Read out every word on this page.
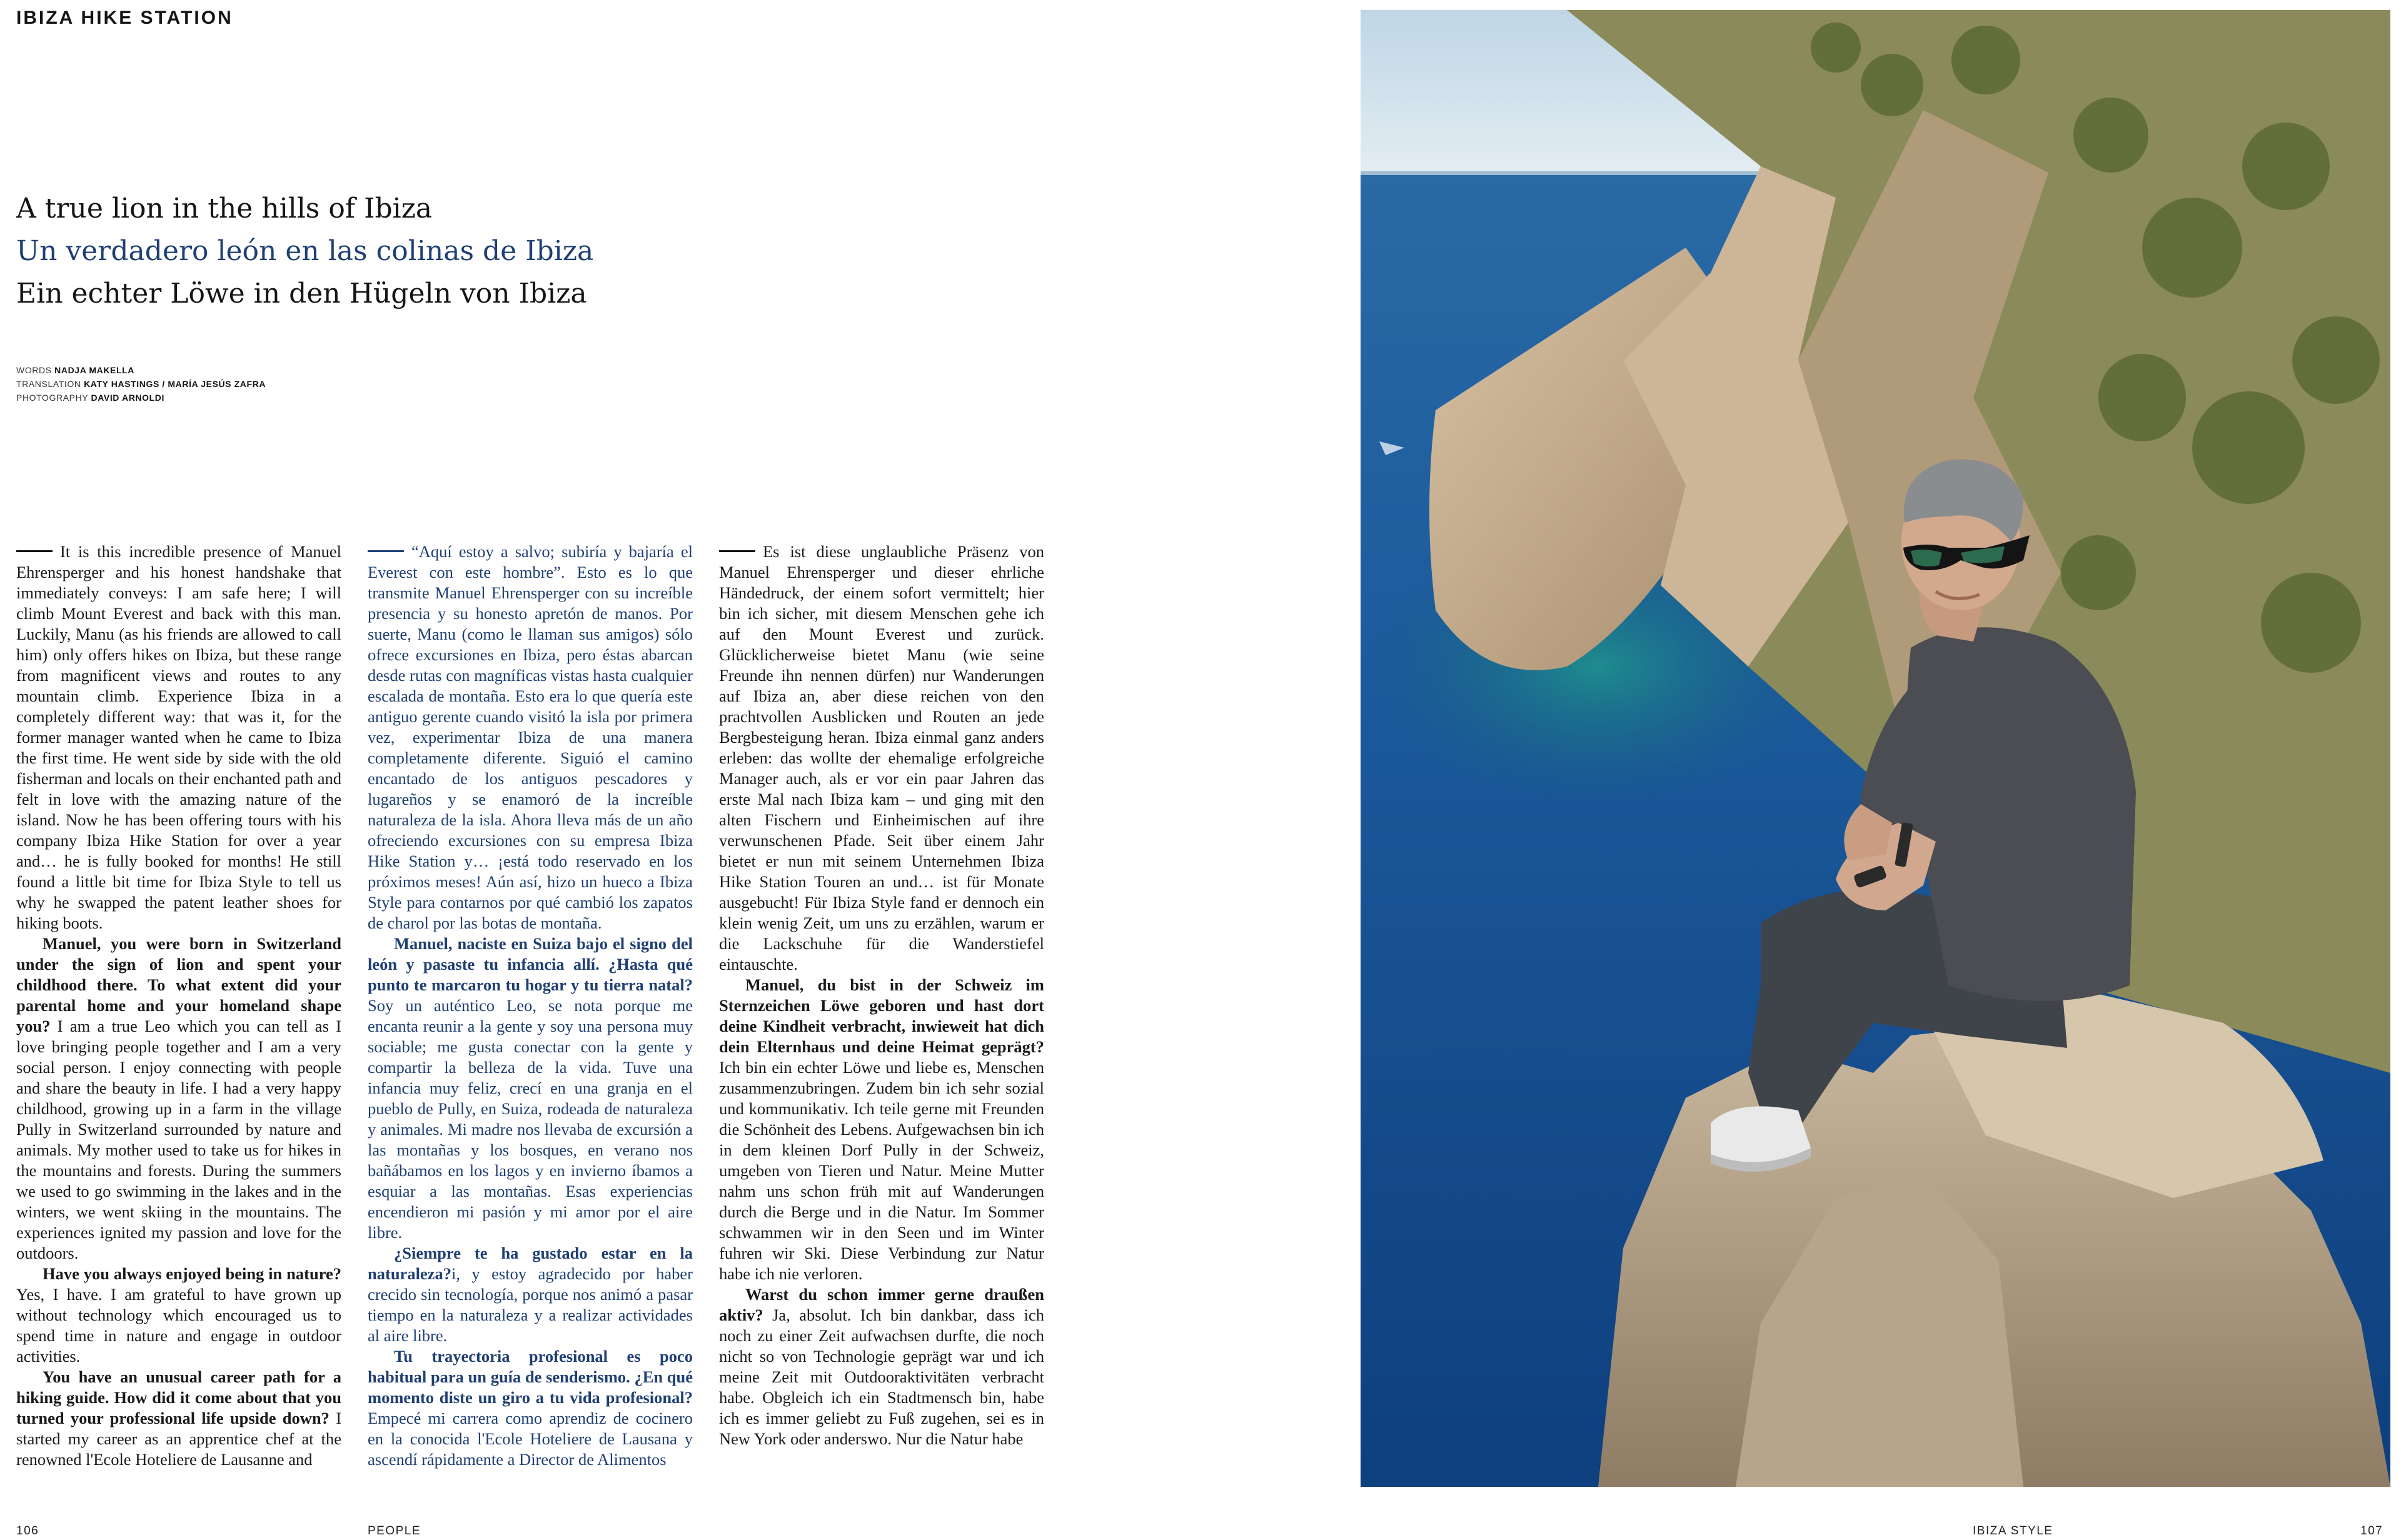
IBIZA HIKE STATION
A true lion in the hills of Ibiza
Un verdadero león en las colinas de Ibiza
Ein echter Löwe in den Hügeln von Ibiza
WORDS NADJA MAKELLA
TRANSLATION KATY HASTINGS / MARÍA JESÚS ZAFRA
PHOTOGRAPHY DAVID ARNOLDI

It is this incredible presence of Manuel Ehrensperger and his honest handshake that immediately conveys: I am safe here; I will climb Mount Everest and back with this man. Luckily, Manu (as his friends are allowed to call him) only offers hikes on Ibiza, but these range from magnificent views and routes to any mountain climb. Experience Ibiza in a completely different way: that was it, for the former manager wanted when he came to Ibiza the first time. He went side by side with the old fisherman and locals on their enchanted path and felt in love with the amazing nature of the island. Now he has been offering tours with his company Ibiza Hike Station for over a year and… he is fully booked for months! He still found a little bit time for Ibiza Style to tell us why he swapped the patent leather shoes for hiking boots.

Manuel, you were born in Switzerland under the sign of lion and spent your childhood there. To what extent did your parental home and your homeland shape you? I am a true Leo which you can tell as I love bringing people together and I am a very social person. I enjoy connecting with people and share the beauty in life. I had a very happy childhood, growing up in a farm in the village Pully in Switzerland surrounded by nature and animals. My mother used to take us for hikes in the mountains and forests. During the summers we used to go swimming in the lakes and in the winters, we went skiing in the mountains. The experiences ignited my passion and love for the outdoors.

Have you always enjoyed being in nature? Yes, I have. I am grateful to have grown up without technology which encouraged us to spend time in nature and engage in outdoor activities.

You have an unusual career path for a hiking guide. How did it come about that you turned your professional life upside down? I started my career as an apprentice chef at the renowned l'Ecole Hoteliere de Lausanne and

“Aquí estoy a salvo; subiría y bajaría el Everest con este hombre”. Esto es lo que transmite Manuel Ehrensperger con su increíble presencia y su honesto apretón de manos. Por suerte, Manu (como le llaman sus amigos) sólo ofrece excursiones en Ibiza, pero éstas abarcan desde rutas con magníficas vistas hasta cualquier escalada de montaña. Esto era lo que quería este antiguo gerente cuando visitó la isla por primera vez, experimentar Ibiza de una manera completamente diferente. Siguió el camino encantado de los antiguos pescadores y lugareños y se enamoró de la increíble naturaleza de la isla. Ahora lleva más de un año ofreciendo excursiones con su empresa Ibiza Hike Station y… ¡está todo reservado en los próximos meses! Aún así, hizo un hueco a Ibiza Style para contarnos por qué cambió los zapatos de charol por las botas de montaña.

Manuel, naciste en Suiza bajo el signo del león y pasaste tu infancia allí. ¿Hasta qué punto te marcaron tu hogar y tu tierra natal? Soy un auténtico Leo, se nota porque me encanta reunir a la gente y soy una persona muy sociable; me gusta conectar con la gente y compartir la belleza de la vida. Tuve una infancia muy feliz, crecí en una granja en el pueblo de Pully, en Suiza, rodeada de naturaleza y animales. Mi madre nos llevaba de excursión a las montañas y los bosques, en verano nos bañábamos en los lagos y en invierno íbamos a esquiar a las montañas. Esas experiencias encendieron mi pasión y mi amor por el aire libre.

¿Siempre te ha gustado estar en la naturaleza?i, y estoy agradecido por haber crecido sin tecnología, porque nos animó a pasar tiempo en la naturaleza y a realizar actividades al aire libre.

Tu trayectoria profesional es poco habitual para un guía de senderismo. ¿En qué momento diste un giro a tu vida profesional? Empecé mi carrera como aprendiz de cocinero en la conocida l'Ecole Hoteliere de Lausana y ascendí rápidamente a Director de Alimentos

Es ist diese unglaubliche Präsenz von Manuel Ehrensperger und dieser ehrliche Händedruck, der einem sofort vermittelt; hier bin ich sicher, mit diesem Menschen gehe ich auf den Mount Everest und zurück. Glücklicherweise bietet Manu (wie seine Freunde ihn nennen dürfen) nur Wanderungen auf Ibiza an, aber diese reichen von den prachtvollen Ausblicken und Routen an jede Bergbesteigung heran. Ibiza einmal ganz anders erleben: das wollte der ehemalige erfolgreiche Manager auch, als er vor ein paar Jahren das erste Mal nach Ibiza kam – und ging mit den alten Fischern und Einheimischen auf ihre verwunschenen Pfade. Seit über einem Jahr bietet er nun mit seinem Unternehmen Ibiza Hike Station Touren an und… ist für Monate ausgebucht! Für Ibiza Style fand er dennoch ein klein wenig Zeit, um uns zu erzählen, warum er die Lackschuhe für die Wanderstiefel eintauschte.

Manuel, du bist in der Schweiz im Sternzeichen Löwe geboren und hast dort deine Kindheit verbracht, inwieweit hat dich dein Elternhaus und deine Heimat geprägt? Ich bin ein echter Löwe und liebe es, Menschen zusammenzubringen. Zudem bin ich sehr sozial und kommunikativ. Ich teile gerne mit Freunden die Schönheit des Lebens. Aufgewachsen bin ich in dem kleinen Dorf Pully in der Schweiz, umgeben von Tieren und Natur. Meine Mutter nahm uns schon früh mit auf Wanderungen durch die Berge und in die Natur. Im Sommer schwammen wir in den Seen und im Winter fuhren wir Ski. Diese Verbindung zur Natur habe ich nie verloren.

Warst du schon immer gerne draußen aktiv? Ja, absolut. Ich bin dankbar, dass ich noch zu einer Zeit aufwachsen durfte, die noch nicht so von Technologie geprägt war und ich meine Zeit mit Outdooraktivitäten verbracht habe. Obgleich ich ein Stadtmensch bin, habe ich es immer geliebt zu Fuß zugehen, sei es in New York oder anderswo. Nur die Natur habe

106	PEOPLE	IBIZA STYLE	107
